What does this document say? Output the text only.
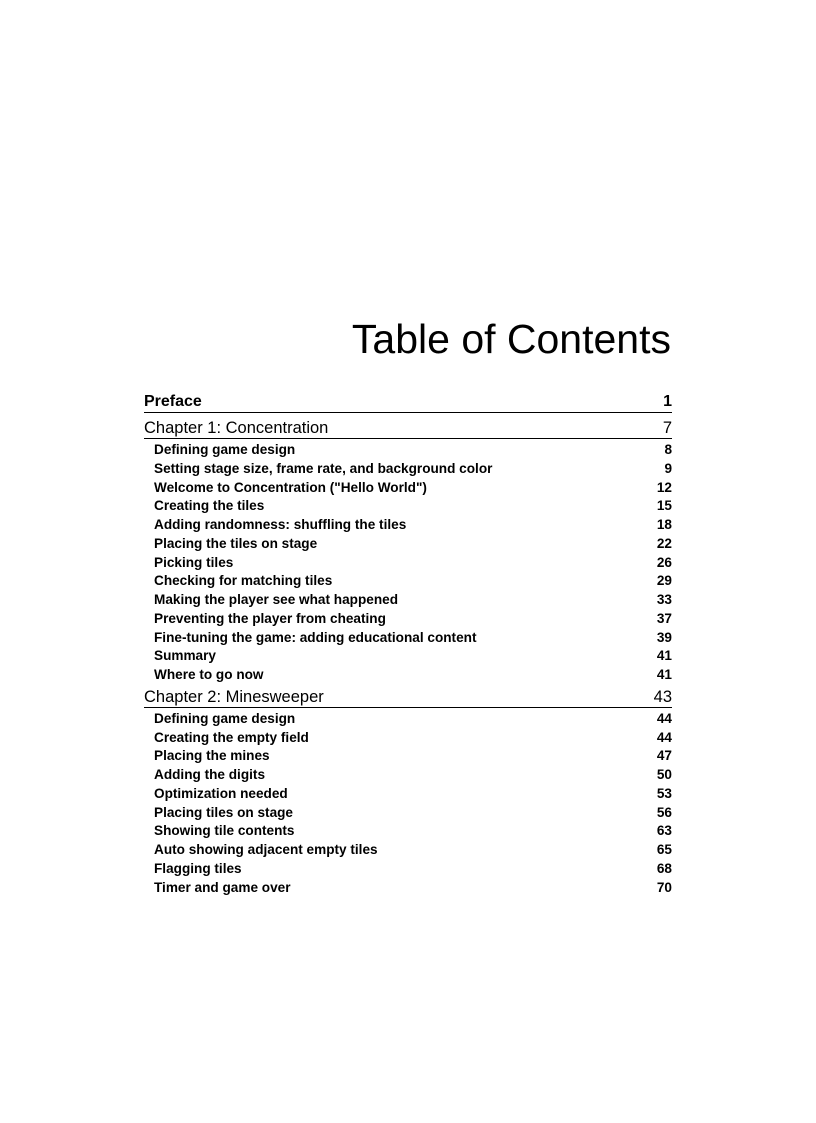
Table of Contents
Preface	1
Chapter 1: Concentration	7
Defining game design	8
Setting stage size, frame rate, and background color	9
Welcome to Concentration ("Hello World")	12
Creating the tiles	15
Adding randomness: shuffling the tiles	18
Placing the tiles on stage	22
Picking tiles	26
Checking for matching tiles	29
Making the player see what happened	33
Preventing the player from cheating	37
Fine-tuning the game: adding educational content	39
Summary	41
Where to go now	41
Chapter 2: Minesweeper	43
Defining game design	44
Creating the empty field	44
Placing the mines	47
Adding the digits	50
Optimization needed	53
Placing tiles on stage	56
Showing tile contents	63
Auto showing adjacent empty tiles	65
Flagging tiles	68
Timer and game over	70
